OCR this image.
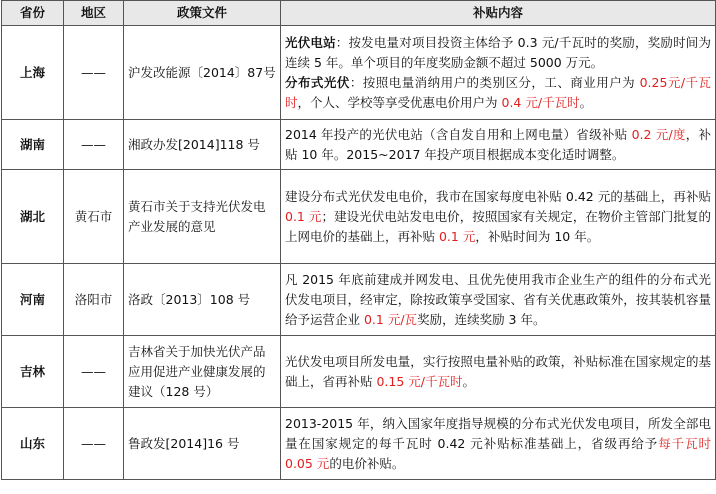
省份	地区	政策文件	补贴内容
上海	——	沪发改能源〔2014〕87号	光伏电站：按发电量对项目投资主体给予 0.3 元/千瓦时的奖励，奖励时间为连续 5 年。单个项目的年度奖励金额不超过 5000 万元。
分布式光伏：按照电量消纳用户的类别区分，工、商业用户为 0.25元/千瓦时，个人、学校等享受优惠电价用户为 0.4 元/千瓦时。

湖南	——	湘政办发[2014]118 号	2014 年投产的光伏电站（含自发自用和上网电量）省级补贴 0.2 元/度，补贴 10 年。2015~2017 年投产项目根据成本变化适时调整。
湖北	黄石市	黄石市关于支持光伏发电产业发展的意见	建设分布式光伏发电电价，我市在国家每度电补贴 0.42 元的基础上，再补贴 0.1 元；建设光伏电站发电电价，按照国家有关规定，在物价主管部门批复的上网电价的基础上，再补贴 0.1 元，补贴时间为 10 年。
河南	洛阳市	洛政〔2013〕108 号	凡 2015 年底前建成并网发电、且优先使用我市企业生产的组件的分布式光伏发电项目，经审定，除按政策享受国家、省有关优惠政策外，按其装机容量给予运营企业 0.1 元/瓦奖励，连续奖励 3 年。
吉林	——	吉林省关于加快光伏产品应用促进产业健康发展的建议（128 号）	光伏发电项目所发电量，实行按照电量补贴的政策，补贴标准在国家规定的基础上，省再补贴 0.15 元/千瓦时。
山东	——	鲁政发[2014]16 号	2013-2015 年，纳入国家年度指导规模的分布式光伏发电项目，所发全部电量在国家规定的每千瓦时 0.42 元补贴标准基础上，省级再给予每千瓦时 0.05 元的电价补贴。
